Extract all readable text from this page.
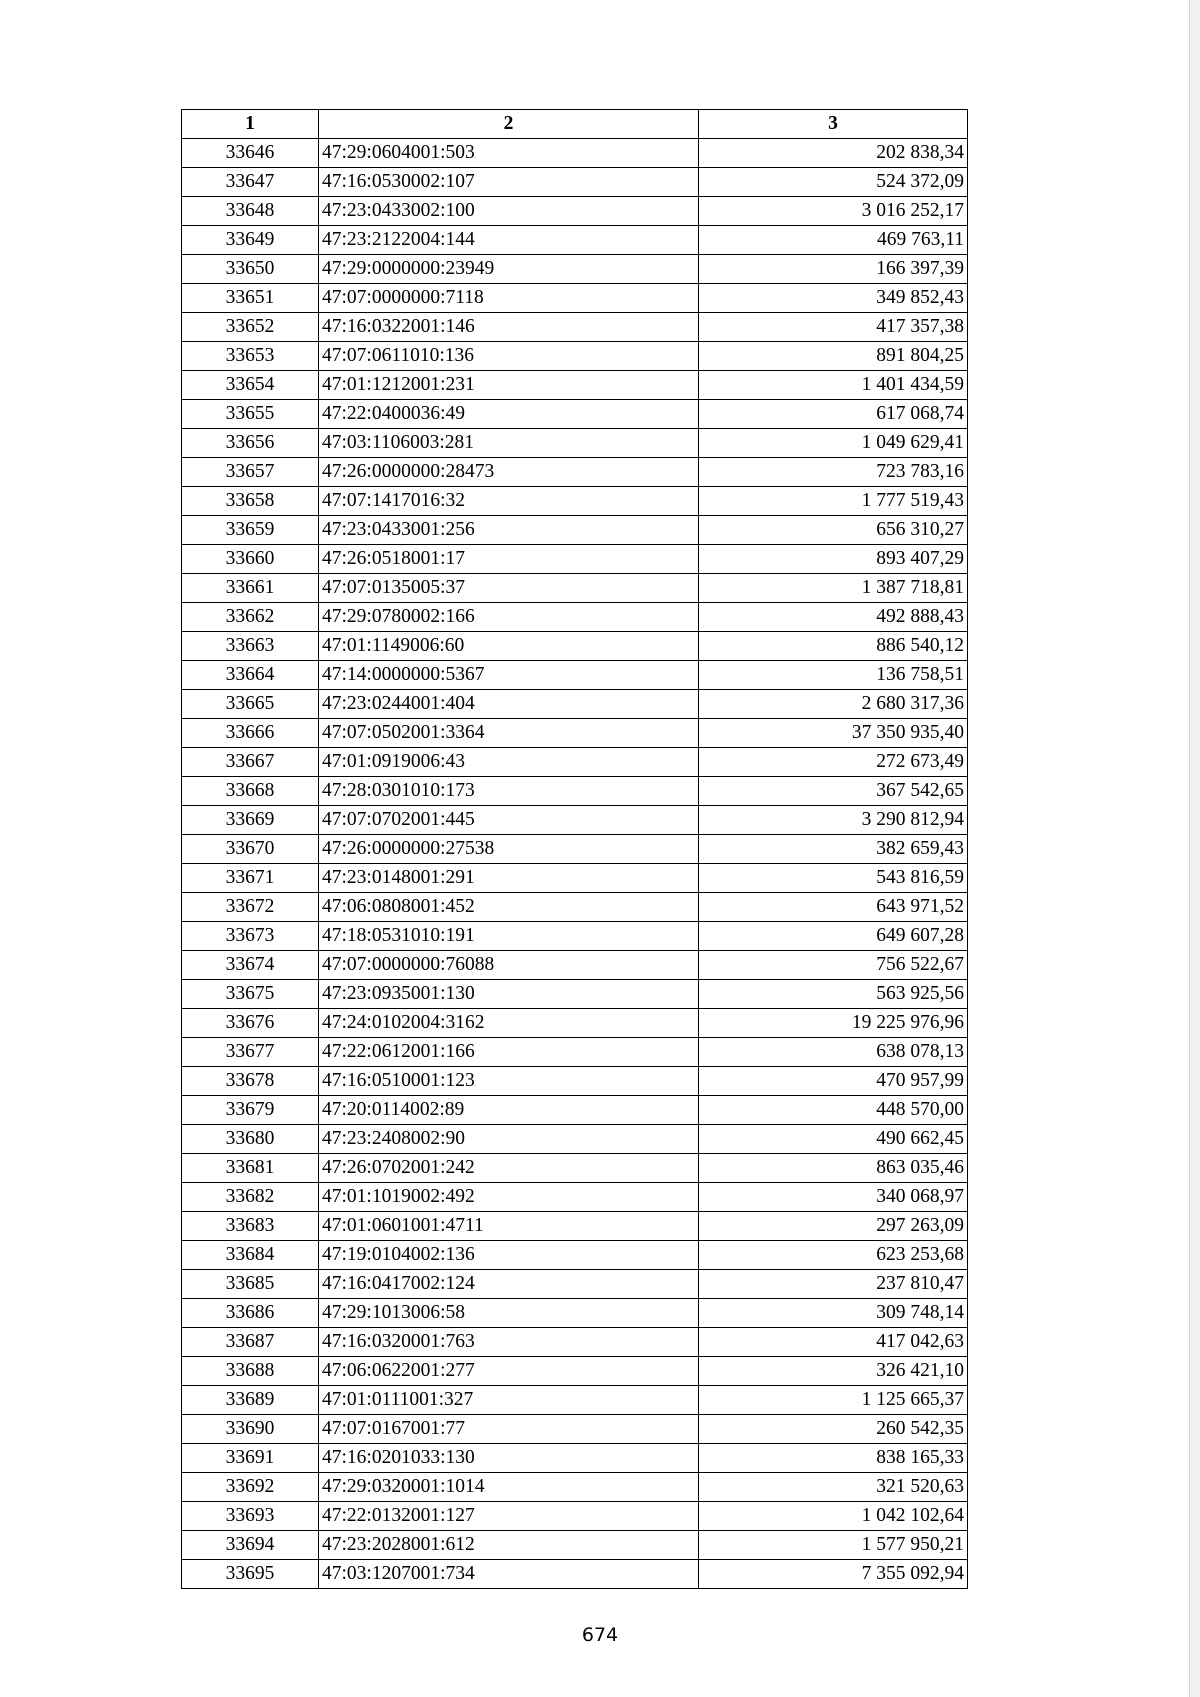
1	2	3
33646	47:29:0604001:503	202 838,34
33647	47:16:0530002:107	524 372,09
33648	47:23:0433002:100	3 016 252,17
33649	47:23:2122004:144	469 763,11
33650	47:29:0000000:23949	166 397,39
33651	47:07:0000000:7118	349 852,43
33652	47:16:0322001:146	417 357,38
33653	47:07:0611010:136	891 804,25
33654	47:01:1212001:231	1 401 434,59
33655	47:22:0400036:49	617 068,74
33656	47:03:1106003:281	1 049 629,41
33657	47:26:0000000:28473	723 783,16
33658	47:07:1417016:32	1 777 519,43
33659	47:23:0433001:256	656 310,27
33660	47:26:0518001:17	893 407,29
33661	47:07:0135005:37	1 387 718,81
33662	47:29:0780002:166	492 888,43
33663	47:01:1149006:60	886 540,12
33664	47:14:0000000:5367	136 758,51
33665	47:23:0244001:404	2 680 317,36
33666	47:07:0502001:3364	37 350 935,40
33667	47:01:0919006:43	272 673,49
33668	47:28:0301010:173	367 542,65
33669	47:07:0702001:445	3 290 812,94
33670	47:26:0000000:27538	382 659,43
33671	47:23:0148001:291	543 816,59
33672	47:06:0808001:452	643 971,52
33673	47:18:0531010:191	649 607,28
33674	47:07:0000000:76088	756 522,67
33675	47:23:0935001:130	563 925,56
33676	47:24:0102004:3162	19 225 976,96
33677	47:22:0612001:166	638 078,13
33678	47:16:0510001:123	470 957,99
33679	47:20:0114002:89	448 570,00
33680	47:23:2408002:90	490 662,45
33681	47:26:0702001:242	863 035,46
33682	47:01:1019002:492	340 068,97
33683	47:01:0601001:4711	297 263,09
33684	47:19:0104002:136	623 253,68
33685	47:16:0417002:124	237 810,47
33686	47:29:1013006:58	309 748,14
33687	47:16:0320001:763	417 042,63
33688	47:06:0622001:277	326 421,10
33689	47:01:0111001:327	1 125 665,37
33690	47:07:0167001:77	260 542,35
33691	47:16:0201033:130	838 165,33
33692	47:29:0320001:1014	321 520,63
33693	47:22:0132001:127	1 042 102,64
33694	47:23:2028001:612	1 577 950,21
33695	47:03:1207001:734	7 355 092,94
674
